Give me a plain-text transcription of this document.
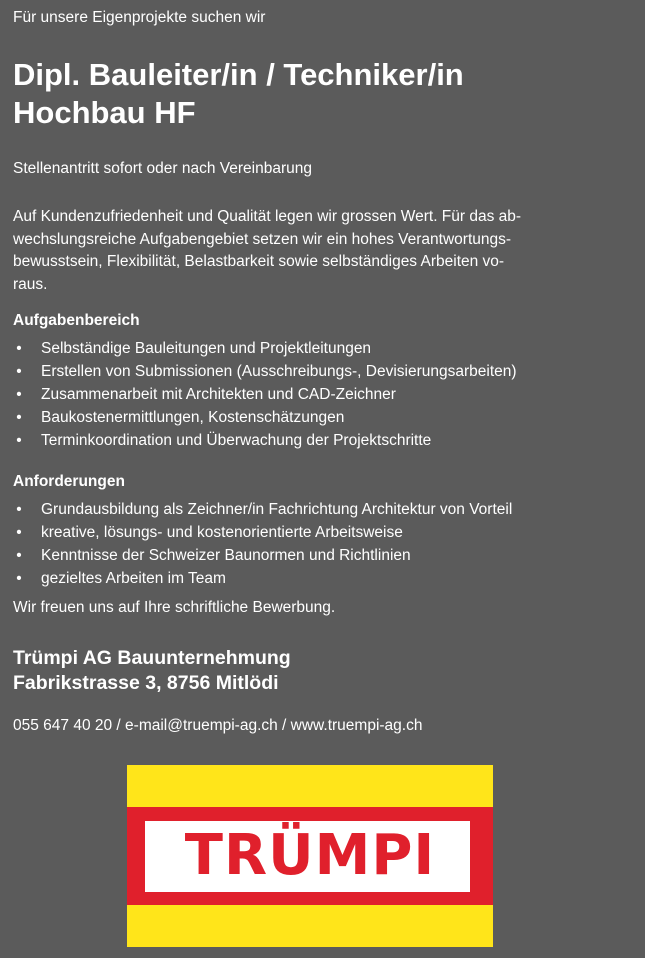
Für unsere Eigenprojekte suchen wir
Dipl. Bauleiter/in / Techniker/in
Hochbau HF
Stellenantritt sofort oder nach Vereinbarung
Auf Kundenzufriedenheit und Qualität legen wir grossen Wert. Für das ab-
wechslungsreiche Aufgabengebiet setzen wir ein hohes Verantwortungs-
bewusstsein, Flexibilität, Belastbarkeit sowie selbständiges Arbeiten vo-
raus.
Aufgabenbereich
• Selbständige Bauleitungen und Projektleitungen
• Erstellen von Submissionen (Ausschreibungs-, Devisierungsarbeiten)
• Zusammenarbeit mit Architekten und CAD-Zeichner
• Baukostenermittlungen, Kostenschätzungen
• Terminkoordination und Überwachung der Projektschritte
Anforderungen
• Grundausbildung als Zeichner/in Fachrichtung Architektur von Vorteil
• kreative, lösungs- und kostenorientierte Arbeitsweise
• Kenntnisse der Schweizer Baunormen und Richtlinien
• gezieltes Arbeiten im Team
Wir freuen uns auf Ihre schriftliche Bewerbung.
Trümpi AG Bauunternehmung
Fabrikstrasse 3, 8756 Mitlödi
055 647 40 20 / e-mail@truempi-ag.ch / www.truempi-ag.ch
TRÜMPI
